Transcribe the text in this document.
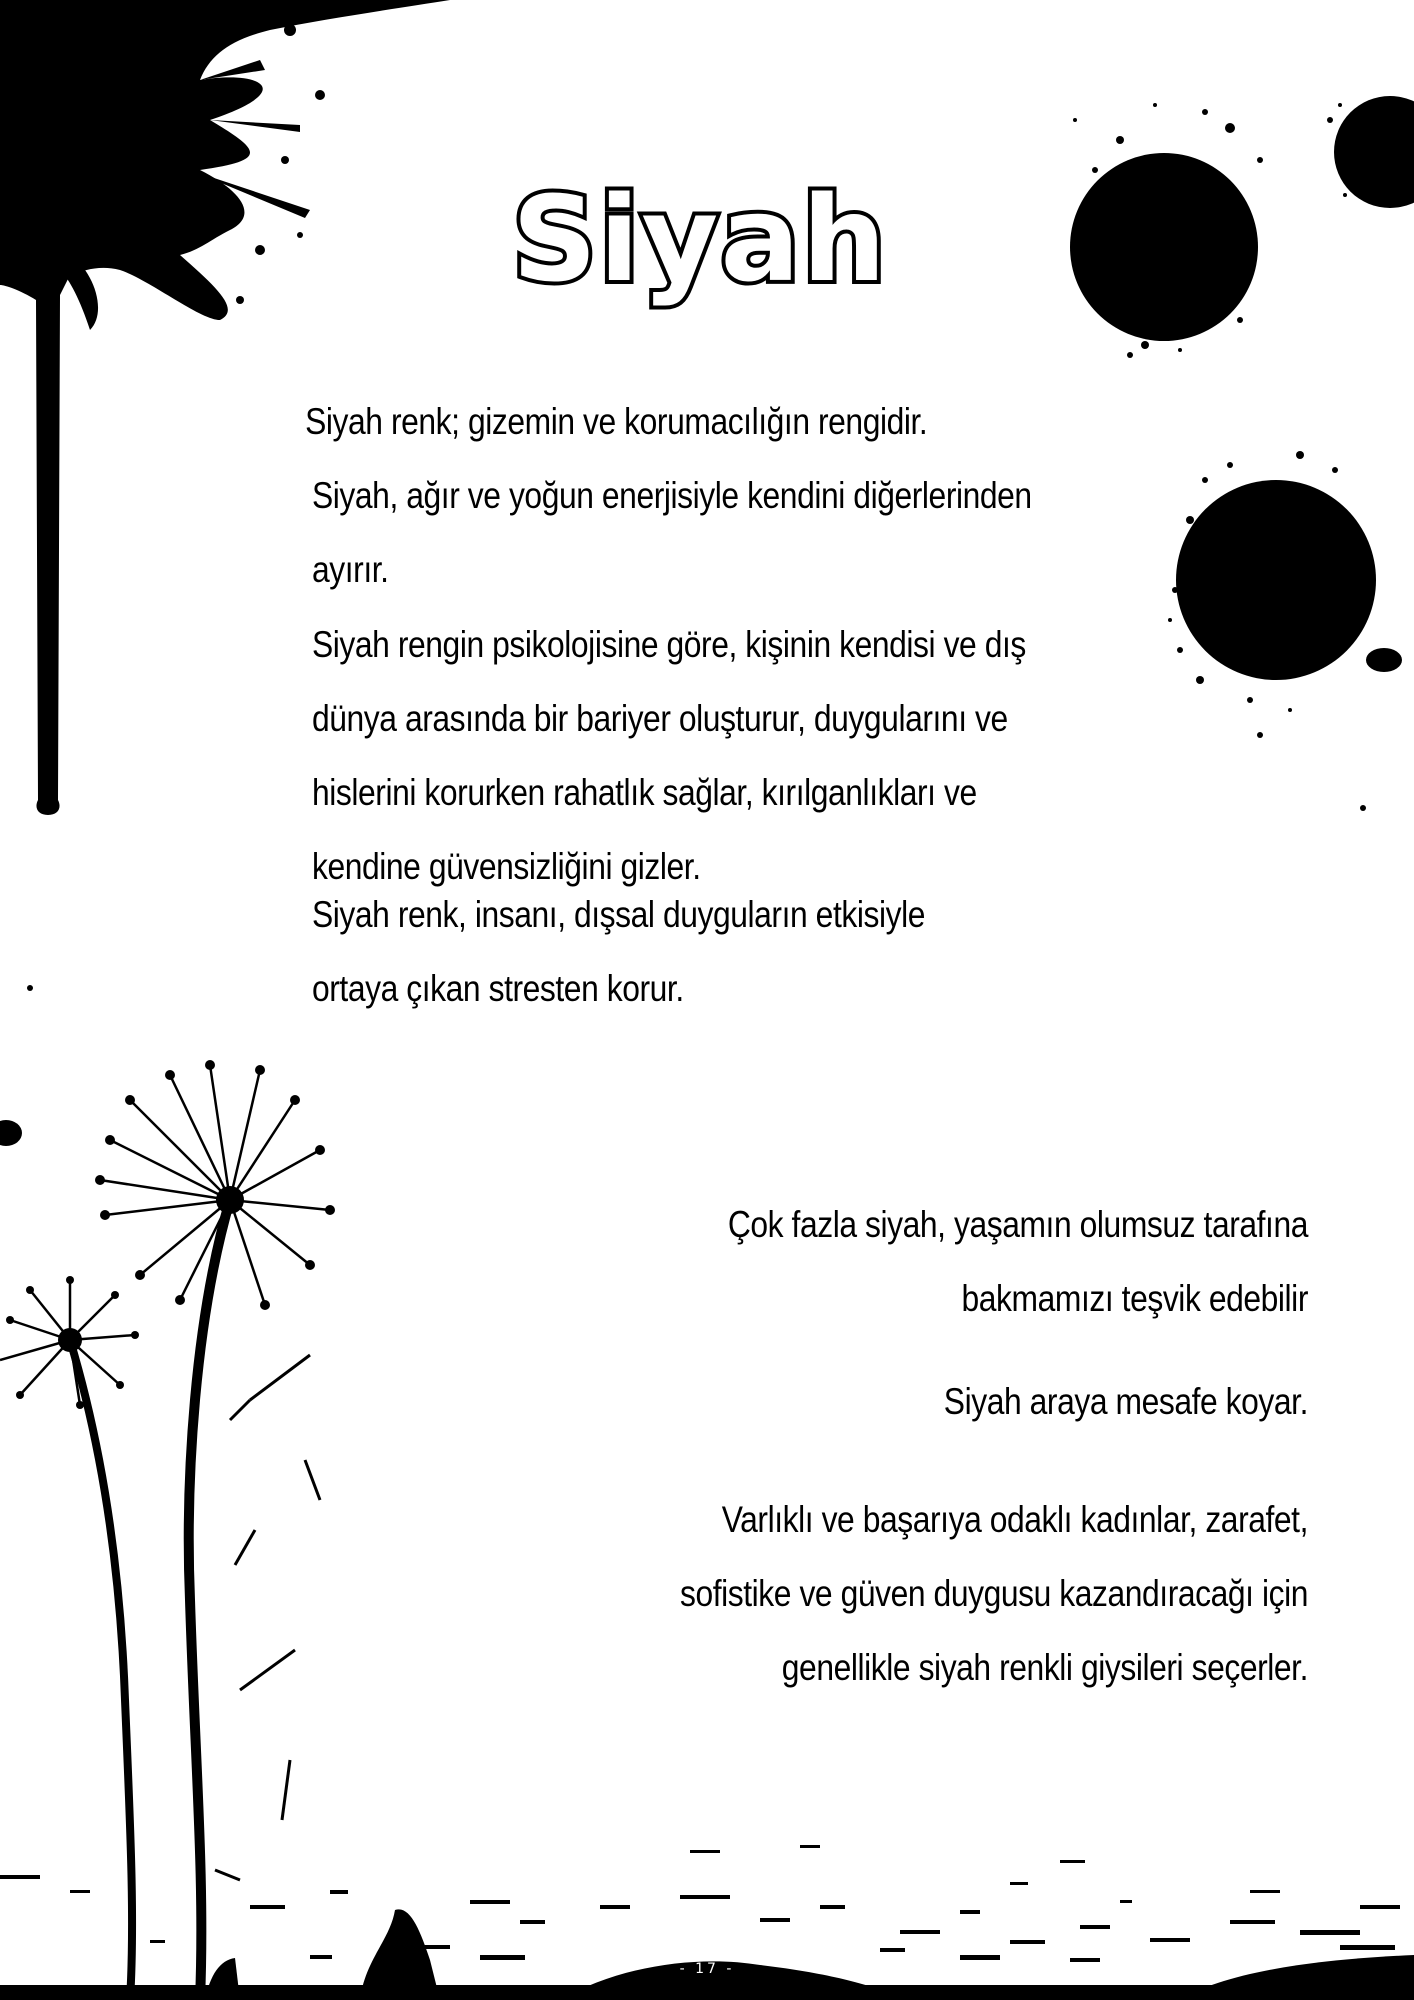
Siyah

Siyah renk; gizemin ve korumacılığın rengidir.
Siyah, ağır ve yoğun enerjisiyle kendini diğerlerinden
ayırır.

Siyah rengin psikolojisine göre, kişinin kendisi ve dış
dünya arasında bir bariyer oluşturur, duygularını ve
hislerini korurken rahatlık sağlar, kırılganlıkları ve
kendine güvensizliğini gizler.

Siyah renk, insanı, dışsal duyguların etkisiyle
ortaya çıkan stresten korur.

Çok fazla siyah, yaşamın olumsuz tarafına
bakmamızı teşvik edebilir

Siyah araya mesafe koyar.

Varlıklı ve başarıya odaklı kadınlar, zarafet,
sofistike ve güven duygusu kazandıracağı için
genellikle siyah renkli giysileri seçerler.

- 17 -
